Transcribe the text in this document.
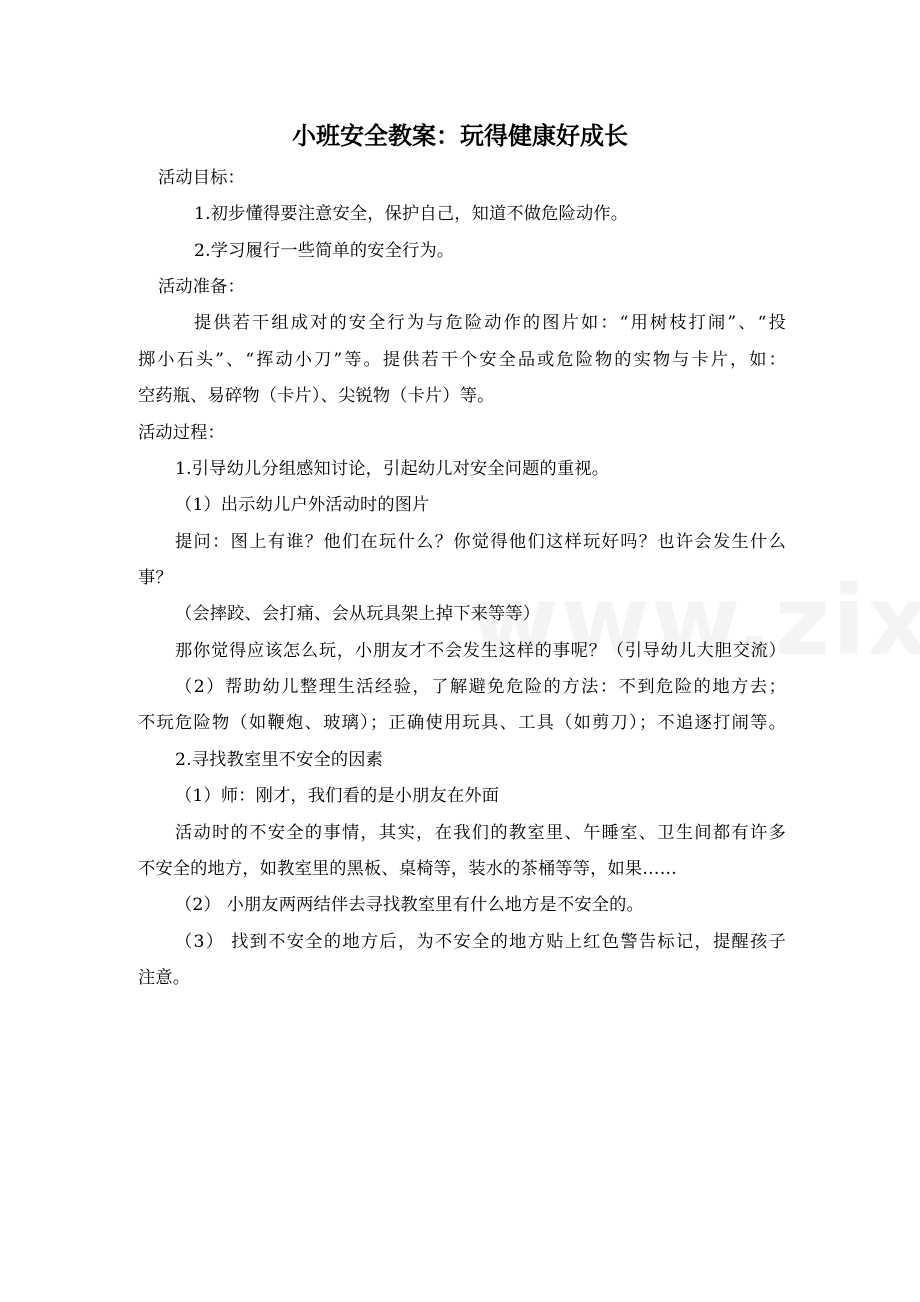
小班安全教案：玩得健康好成长
活动目标：
1.初步懂得要注意安全，保护自己，知道不做危险动作。
2.学习履行一些简单的安全行为。
活动准备：
提供若干组成对的安全行为与危险动作的图片如：“用树枝打闹”、“投
掷小石头”、“挥动小刀”等。提供若干个安全品或危险物的实物与卡片，如：
空药瓶、易碎物（卡片）、尖锐物（卡片）等。
活动过程：
1.引导幼儿分组感知讨论，引起幼儿对安全问题的重视。
（1）出示幼儿户外活动时的图片
提问：图上有谁？他们在玩什么？你觉得他们这样玩好吗？也许会发生什么
事？
（会摔跤、会打痛、会从玩具架上掉下来等等）
那你觉得应该怎么玩，小朋友才不会发生这样的事呢？（引导幼儿大胆交流）
（2）帮助幼儿整理生活经验，了解避免危险的方法：不到危险的地方去；
不玩危险物（如鞭炮、玻璃）；正确使用玩具、工具（如剪刀）；不追逐打闹等。
2.寻找教室里不安全的因素
（1）师：刚才，我们看的是小朋友在外面
活动时的不安全的事情，其实，在我们的教室里、午睡室、卫生间都有许多
不安全的地方，如教室里的黑板、桌椅等，装水的茶桶等等，如果……
（2） 小朋友两两结伴去寻找教室里有什么地方是不安全的。
（3） 找到不安全的地方后，为不安全的地方贴上红色警告标记，提醒孩子
注意。
